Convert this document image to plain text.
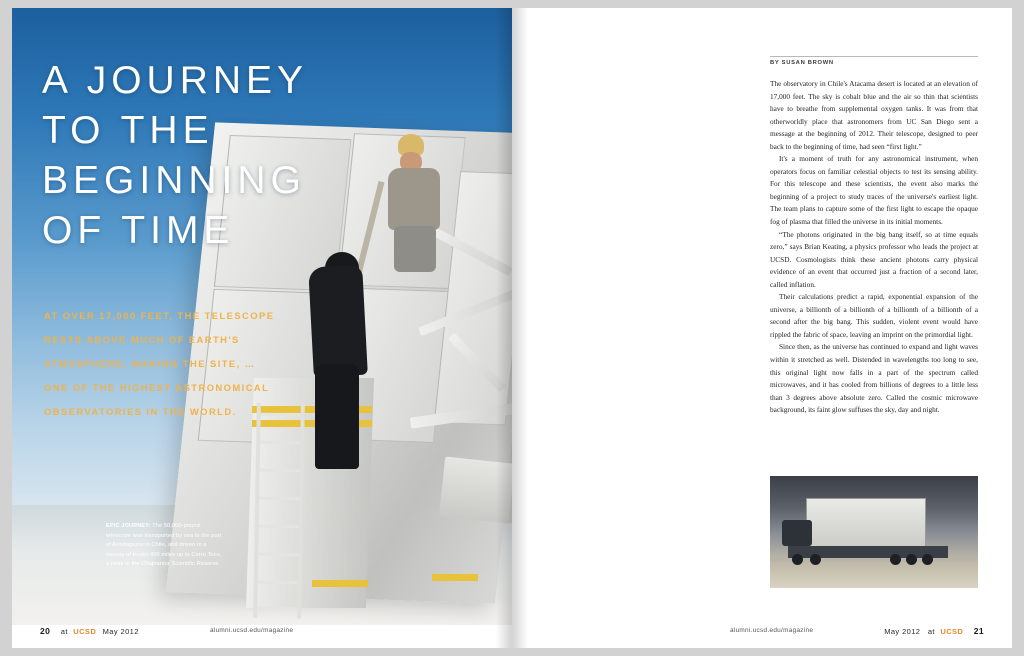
A JOURNEY TO THE BEGINNING OF TIME
AT OVER 17,000 FEET, THE TELESCOPE
RESTS ABOVE MUCH OF EARTH'S
ATMOSPHERE, MAKING THE SITE, …
ONE OF THE HIGHEST ASTRONOMICAL
OBSERVATORIES IN THE WORLD.
EPIC JOURNEY: The 50,000-pound telescope was transported by sea to the port of Antofagasta in Chile, and driven in a convoy of trucks 400 miles up to Cerro Toco, a peak in the Chajnantor Scientific Reserve.
20 at UCSD May 2012	alumni.ucsd.edu/magazine
BY SUSAN BROWN

The observatory in Chile's Atacama desert is located at an elevation of 17,000 feet. The sky is cobalt blue and the air so thin that scientists have to breathe from supplemental oxygen tanks. It was from that otherworldly place that astronomers from UC San Diego sent a message at the beginning of 2012. Their telescope, designed to peer back to the beginning of time, had seen “first light.”

It's a moment of truth for any astronomical instrument, when operators focus on familiar celestial objects to test its sensing ability. For this telescope and these scientists, the event also marks the beginning of a project to study traces of the universe's earliest light. The team plans to capture some of the first light to escape the opaque fog of plasma that filled the universe in its initial moments.

“The photons originated in the big bang itself, so at time equals zero,” says Brian Keating, a physics professor who leads the project at UCSD. Cosmologists think these ancient photons carry physical evidence of an event that occurred just a fraction of a second later, called inflation.

Their calculations predict a rapid, exponential expansion of the universe, a billionth of a billionth of a billionth of a billionth of a second after the big bang. This sudden, violent event would have rippled the fabric of space, leaving an imprint on the primordial light.

Since then, as the universe has continued to expand and light waves within it stretched as well. Distended in wavelengths too long to see, this original light now falls in a part of the spectrum called microwaves, and it has cooled from billions of degrees to a little less than 3 degrees above absolute zero. Called the cosmic microwave background, its faint glow suffuses the sky, day and night.

alumni.ucsd.edu/magazine	May 2012 at UCSD 21
